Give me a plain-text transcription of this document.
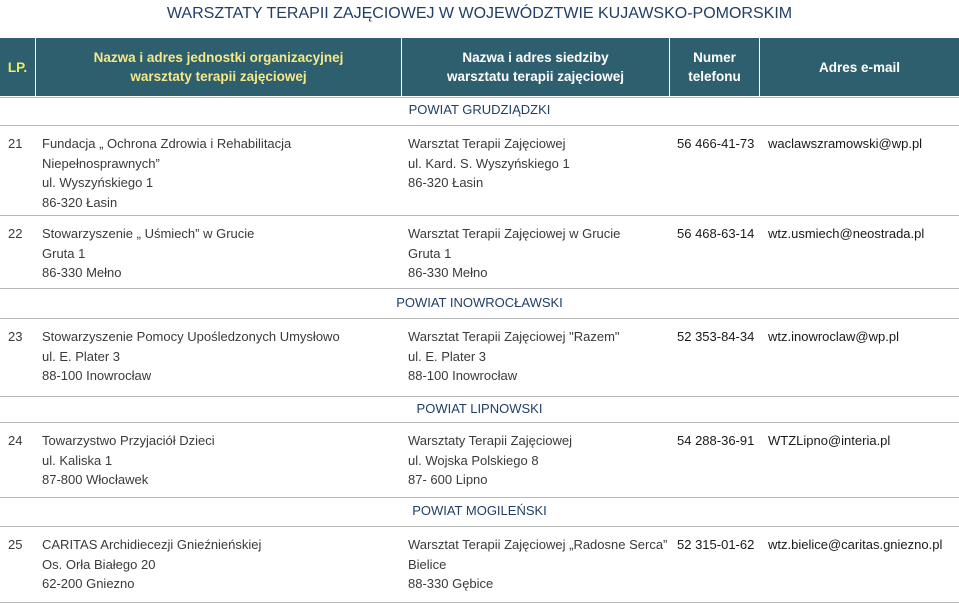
WARSZTATY TERAPII ZAJĘCIOWEJ W WOJEWÓDZTWIE KUJAWSKO-POMORSKIM
LP.
Nazwa i adres jednostki organizacyjnej
warsztaty terapii zajęciowej
Nazwa i adres siedziby
warsztatu terapii zajęciowej
Numer
telefonu
Adres e-mail
POWIAT GRUDZIĄDZKI
21 Fundacja „ Ochrona Zdrowia i Rehabilitacja
Niepełnosprawnych”
ul. Wyszyńskiego 1
86-320 Łasin
Warsztat Terapii Zajęciowej
ul. Kard. S. Wyszyńskiego 1
86-320 Łasin
56 466-41-73 waclawszramowski@wp.pl
22 Stowarzyszenie „ Uśmiech” w Grucie
Gruta 1
86-330 Mełno
Warsztat Terapii Zajęciowej w Grucie
Gruta 1
86-330 Mełno
56 468-63-14 wtz.usmiech@neostrada.pl
POWIAT INOWROCŁAWSKI
23 Stowarzyszenie Pomocy Upośledzonych Umysłowo
ul. E. Plater 3
88-100 Inowrocław
Warsztat Terapii Zajęciowej "Razem"
ul. E. Plater 3
88-100 Inowrocław
52 353-84-34 wtz.inowroclaw@wp.pl
POWIAT LIPNOWSKI
24 Towarzystwo Przyjaciół Dzieci
ul. Kaliska 1
87-800 Włocławek
Warsztaty Terapii Zajęciowej
ul. Wojska Polskiego 8
87- 600 Lipno
54 288-36-91 WTZLipno@interia.pl
POWIAT MOGILEŃSKI
25 CARITAS Archidiecezji Gnieźnieńskiej
Os. Orła Białego 20
62-200 Gniezno
Warsztat Terapii Zajęciowej „Radosne Serca”
Bielice
88-330 Gębice
52 315-01-62 wtz.bielice@caritas.gniezno.pl
